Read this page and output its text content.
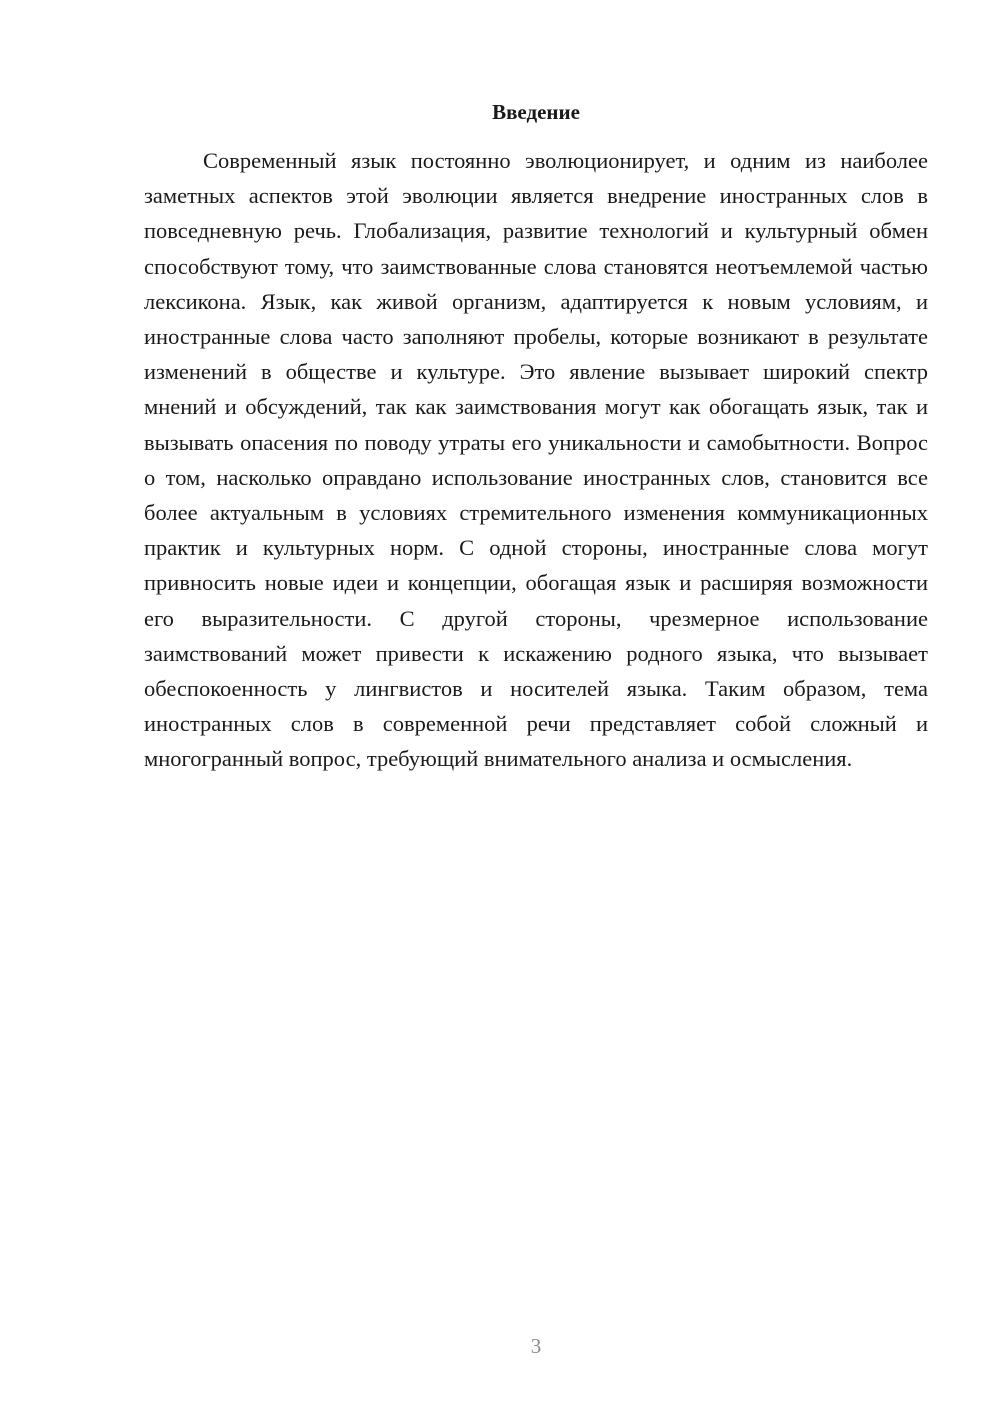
Введение

Современный язык постоянно эволюционирует, и одним из наиболее заметных аспектов этой эволюции является внедрение иностранных слов в повседневную речь. Глобализация, развитие технологий и культурный обмен способствуют тому, что заимствованные слова становятся неотъемлемой частью лексикона. Язык, как живой организм, адаптируется к новым условиям, и иностранные слова часто заполняют пробелы, которые возникают в результате изменений в обществе и культуре. Это явление вызывает широкий спектр мнений и обсуждений, так как заимствования могут как обогащать язык, так и вызывать опасения по поводу утраты его уникальности и самобытности. Вопрос о том, насколько оправдано использование иностранных слов, становится все более актуальным в условиях стремительного изменения коммуникационных практик и культурных норм. С одной стороны, иностранные слова могут привносить новые идеи и концепции, обогащая язык и расширяя возможности его выразительности. С другой стороны, чрезмерное использование заимствований может привести к искажению родного языка, что вызывает обеспокоенность у лингвистов и носителей языка. Таким образом, тема иностранных слов в современной речи представляет собой сложный и многогранный вопрос, требующий внимательного анализа и осмысления.

3
